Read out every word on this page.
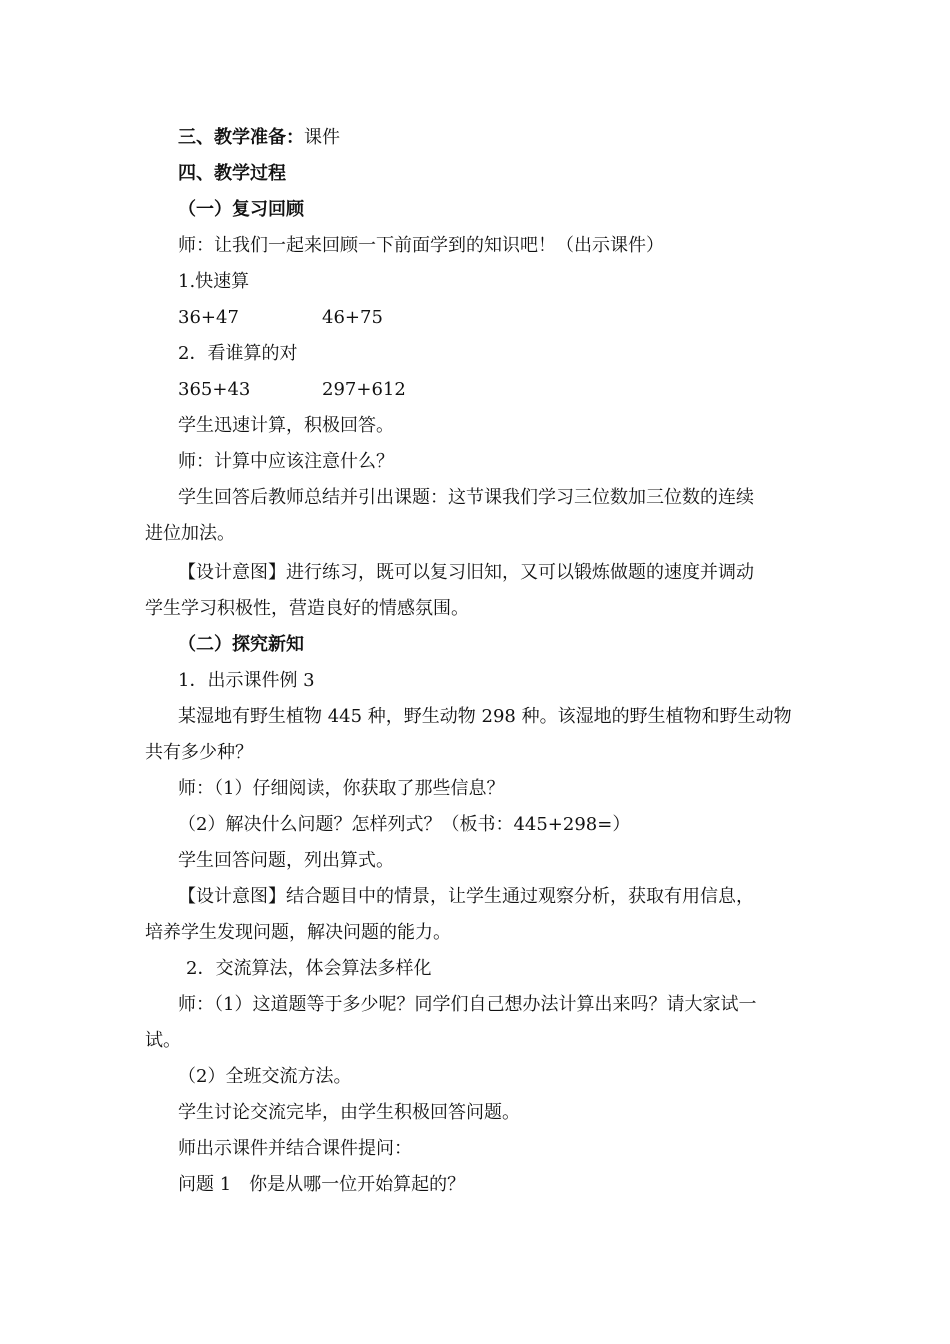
三、教学准备：课件
四、教学过程
（一）复习回顾
师：让我们一起来回顾一下前面学到的知识吧！（出示课件）
1.快速算
36+47	46+75
2．看谁算的对
365+43	297+612
学生迅速计算，积极回答。
师：计算中应该注意什么？
学生回答后教师总结并引出课题：这节课我们学习三位数加三位数的连续
进位加法。
【设计意图】进行练习，既可以复习旧知，又可以锻炼做题的速度并调动
学生学习积极性，营造良好的情感氛围。
（二）探究新知
1．出示课件例 3
某湿地有野生植物 445 种，野生动物 298 种。该湿地的野生植物和野生动物
共有多少种？
师：（1）仔细阅读，你获取了那些信息？
（2）解决什么问题？怎样列式？（板书：445+298=）
学生回答问题，列出算式。
【设计意图】结合题目中的情景，让学生通过观察分析，获取有用信息，
培养学生发现问题，解决问题的能力。
2．交流算法，体会算法多样化
师：（1）这道题等于多少呢？同学们自己想办法计算出来吗？请大家试一
试。
（2）全班交流方法。
学生讨论交流完毕，由学生积极回答问题。
师出示课件并结合课件提问：
问题 1　你是从哪一位开始算起的？
